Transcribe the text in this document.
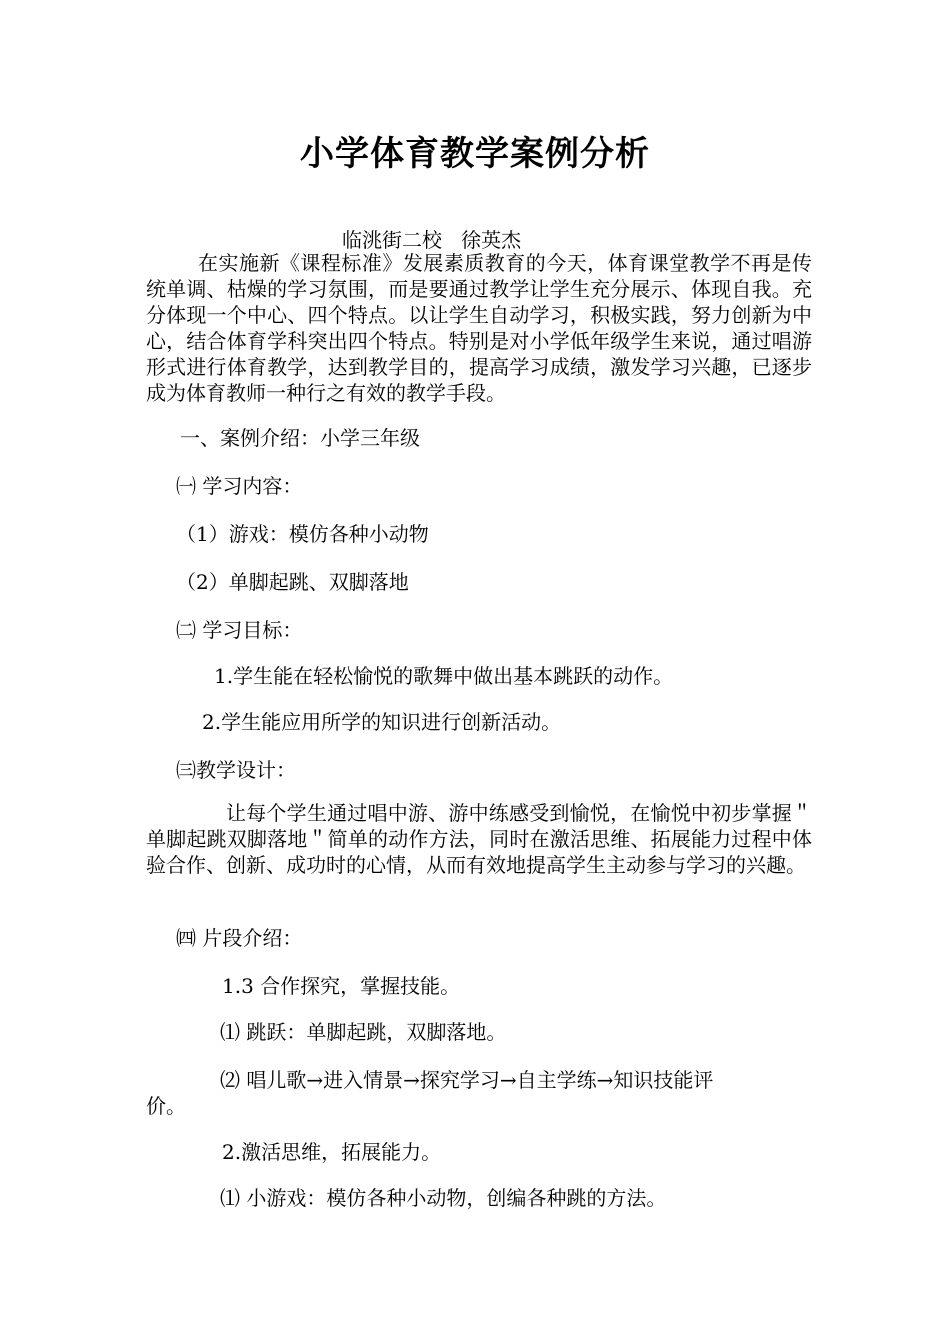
小学体育教学案例分析
临洮街二校   徐英杰

在实施新《课程标准》发展素质教育的今天，体育课堂教学不再是传统单调、枯燥的学习氛围，而是要通过教学让学生充分展示、体现自我。充分体现一个中心、四个特点。以让学生自动学习，积极实践，努力创新为中心，结合体育学科突出四个特点。特别是对小学低年级学生来说，通过唱游形式进行体育教学，达到教学目的，提高学习成绩，激发学习兴趣，已逐步成为体育教师一种行之有效的教学手段。

一、案例介绍：小学三年级
㈠ 学习内容：
（1）游戏：模仿各种小动物
（2）单脚起跳、双脚落地
㈡ 学习目标：
1.学生能在轻松愉悦的歌舞中做出基本跳跃的动作。
2.学生能应用所学的知识进行创新活动。
㈢教学设计：

让每个学生通过唱中游、游中练感受到愉悦，在愉悦中初步掌握＂单脚起跳双脚落地＂简单的动作方法，同时在激活思维、拓展能力过程中体验合作、创新、成功时的心情，从而有效地提高学生主动参与学习的兴趣。

㈣ 片段介绍：
1.3 合作探究，掌握技能。
⑴ 跳跃：单脚起跳，双脚落地。
⑵ 唱儿歌→进入情景→探究学习→自主学练→知识技能评
价。
2.激活思维，拓展能力。
⑴ 小游戏：模仿各种小动物，创编各种跳的方法。
